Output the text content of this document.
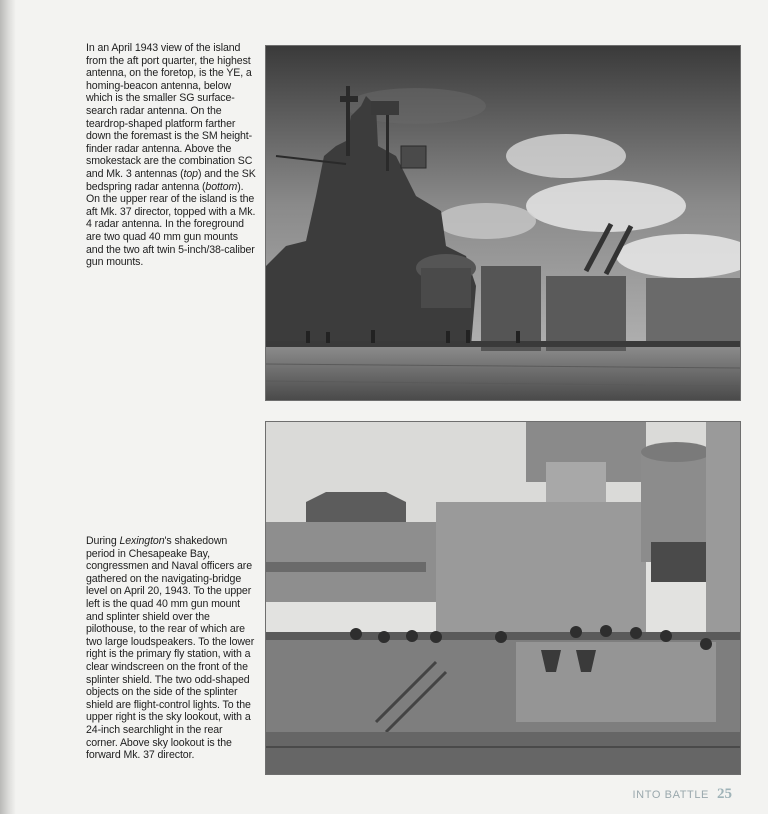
In an April 1943 view of the island from the aft port quarter, the highest antenna, on the foretop, is the YE, a homing-beacon antenna, below which is the smaller SG surface-search radar antenna. On the teardrop-shaped platform farther down the foremast is the SM height-finder radar antenna. Above the smokestack are the combination SC and Mk. 3 antennas (top) and the SK bedspring radar antenna (bottom). On the upper rear of the island is the aft Mk. 37 director, topped with a Mk. 4 radar antenna. In the foreground are two quad 40 mm gun mounts and the two aft twin 5-inch/38-caliber gun mounts.
During Lexington's shakedown period in Chesapeake Bay, congressmen and Naval officers are gathered on the navigating-bridge level on April 20, 1943. To the upper left is the quad 40 mm gun mount and splinter shield over the pilothouse, to the rear of which are two large loudspeakers. To the lower right is the primary fly station, with a clear windscreen on the front of the splinter shield. The two odd-shaped objects on the side of the splinter shield are flight-control lights. To the upper right is the sky lookout, with a 24-inch searchlight in the rear corner. Above sky lookout is the forward Mk. 37 director.
INTO BATTLE 25
